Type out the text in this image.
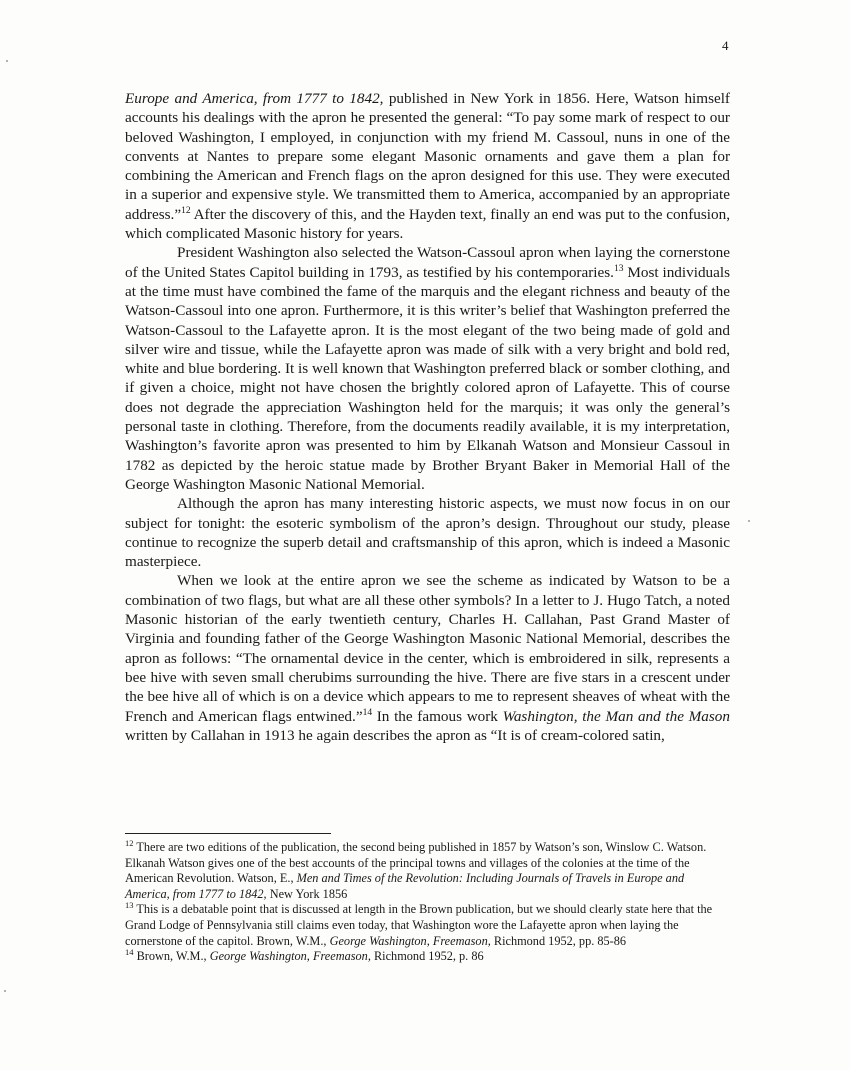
4

Europe and America, from 1777 to 1842, published in New York in 1856. Here, Watson himself accounts his dealings with the apron he presented the general: “To pay some mark of respect to our beloved Washington, I employed, in conjunction with my friend M. Cassoul, nuns in one of the convents at Nantes to prepare some elegant Masonic ornaments and gave them a plan for combining the American and French flags on the apron designed for this use. They were executed in a superior and expensive style. We transmitted them to America, accompanied by an appropriate address.”$^{12}$ After the discovery of this, and the Hayden text, finally an end was put to the confusion, which complicated Masonic history for years.

President Washington also selected the Watson-Cassoul apron when laying the cornerstone of the United States Capitol building in 1793, as testified by his contemporaries.$^{13}$ Most individuals at the time must have combined the fame of the marquis and the elegant richness and beauty of the Watson-Cassoul into one apron. Furthermore, it is this writer’s belief that Washington preferred the Watson-Cassoul to the Lafayette apron. It is the most elegant of the two being made of gold and silver wire and tissue, while the Lafayette apron was made of silk with a very bright and bold red, white and blue bordering. It is well known that Washington preferred black or somber clothing, and if given a choice, might not have chosen the brightly colored apron of Lafayette. This of course does not degrade the appreciation Washington held for the marquis; it was only the general’s personal taste in clothing. Therefore, from the documents readily available, it is my interpretation, Washington’s favorite apron was presented to him by Elkanah Watson and Monsieur Cassoul in 1782 as depicted by the heroic statue made by Brother Bryant Baker in Memorial Hall of the George Washington Masonic National Memorial.

Although the apron has many interesting historic aspects, we must now focus in on our subject for tonight: the esoteric symbolism of the apron’s design. Throughout our study, please continue to recognize the superb detail and craftsmanship of this apron, which is indeed a Masonic masterpiece.

When we look at the entire apron we see the scheme as indicated by Watson to be a combination of two flags, but what are all these other symbols? In a letter to J. Hugo Tatch, a noted Masonic historian of the early twentieth century, Charles H. Callahan, Past Grand Master of Virginia and founding father of the George Washington Masonic National Memorial, describes the apron as follows: “The ornamental device in the center, which is embroidered in silk, represents a bee hive with seven small cherubims surrounding the hive. There are five stars in a crescent under the bee hive all of which is on a device which appears to me to represent sheaves of wheat with the French and American flags entwined.”$^{14}$ In the famous work Washington, the Man and the Mason written by Callahan in 1913 he again describes the apron as “It is of cream-colored satin,

$^{12}$ There are two editions of the publication, the second being published in 1857 by Watson’s son, Winslow C. Watson. Elkanah Watson gives one of the best accounts of the principal towns and villages of the colonies at the time of the American Revolution. Watson, E., Men and Times of the Revolution: Including Journals of Travels in Europe and America, from 1777 to 1842, New York 1856

$^{13}$ This is a debatable point that is discussed at length in the Brown publication, but we should clearly state here that the Grand Lodge of Pennsylvania still claims even today, that Washington wore the Lafayette apron when laying the cornerstone of the capitol. Brown, W.M., George Washington, Freemason, Richmond 1952, pp. 85-86

$^{14}$ Brown, W.M., George Washington, Freemason, Richmond 1952, p. 86
